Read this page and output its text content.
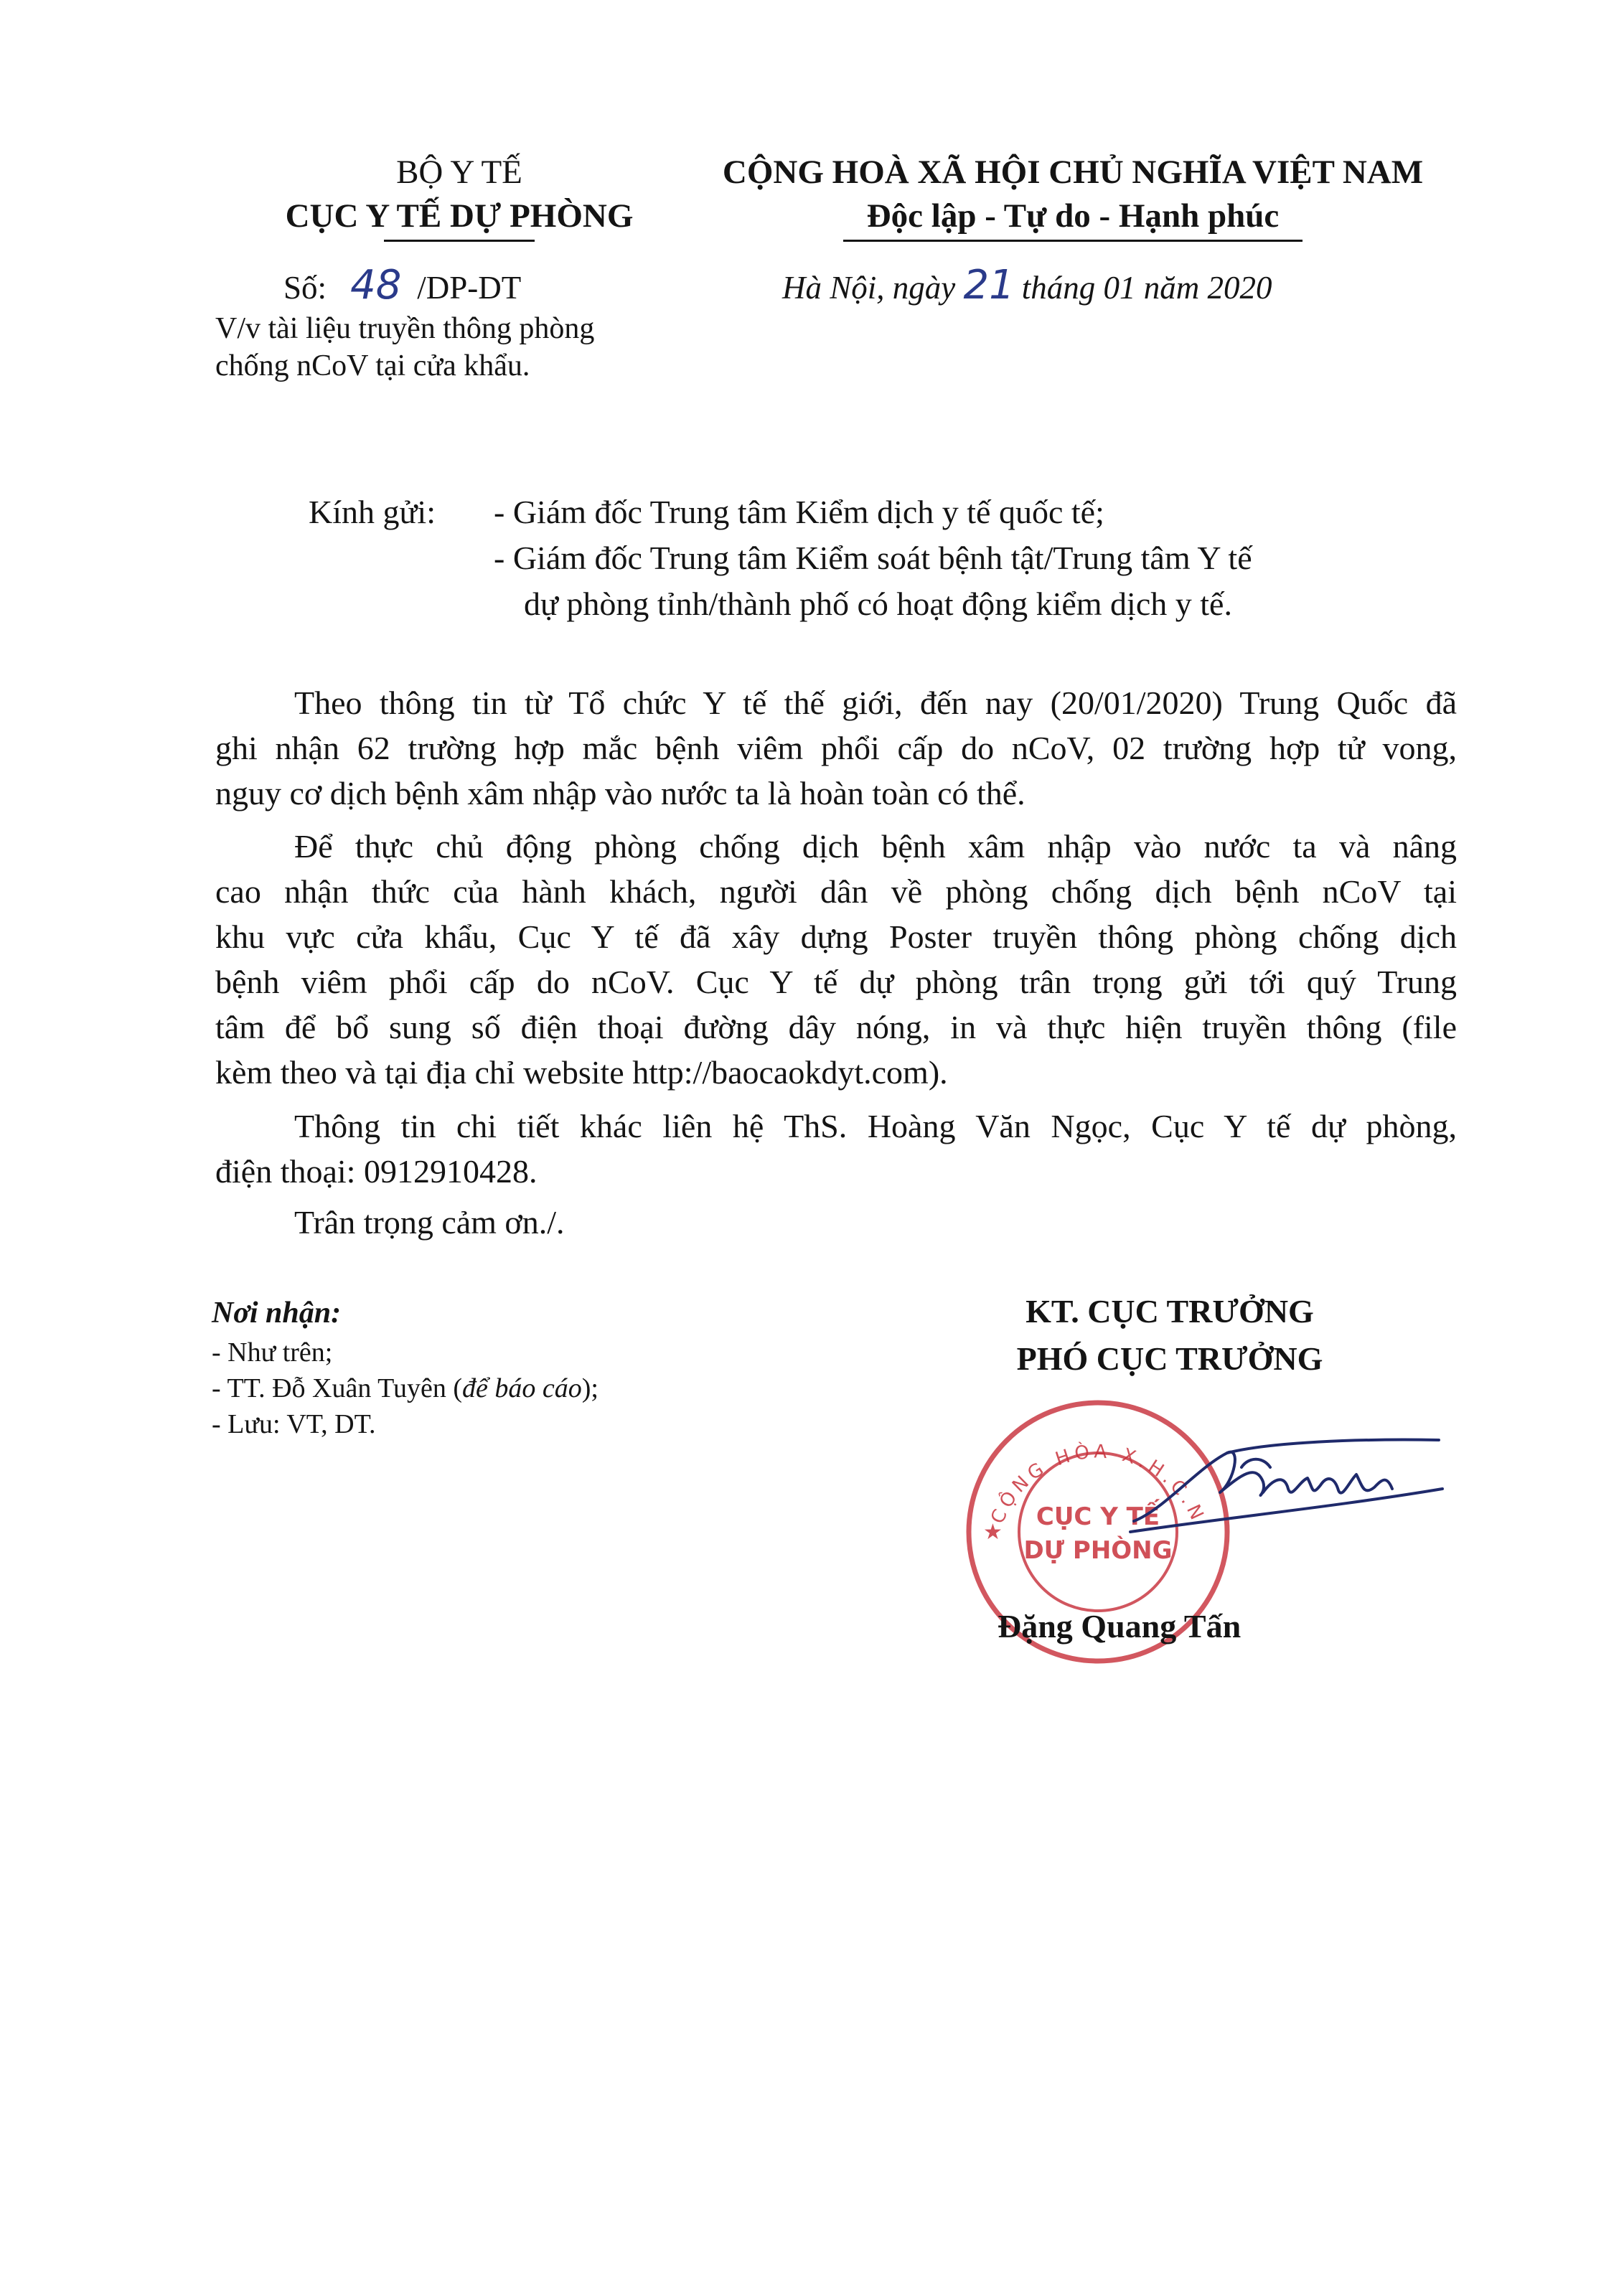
BỘ Y TẾ
CỤC Y TẾ DỰ PHÒNG
CỘNG HOÀ XÃ HỘI CHỦ NGHĨA VIỆT NAM
Độc lập - Tự do - Hạnh phúc
Số: 48 /DP-DT	Hà Nội, ngày 21 tháng 01 năm 2020
V/v tài liệu truyền thông phòng
chống nCoV tại cửa khẩu.
Kính gửi: - Giám đốc Trung tâm Kiểm dịch y tế quốc tế;
- Giám đốc Trung tâm Kiểm soát bệnh tật/Trung tâm Y tế
dự phòng tỉnh/thành phố có hoạt động kiểm dịch y tế.
Theo thông tin từ Tổ chức Y tế thế giới, đến nay (20/01/2020) Trung Quốc đã
ghi nhận 62 trường hợp mắc bệnh viêm phổi cấp do nCoV, 02 trường hợp tử vong,
nguy cơ dịch bệnh xâm nhập vào nước ta là hoàn toàn có thể.
Để thực chủ động phòng chống dịch bệnh xâm nhập vào nước ta và nâng
cao nhận thức của hành khách, người dân về phòng chống dịch bệnh nCoV tại
khu vực cửa khẩu, Cục Y tế đã xây dựng Poster truyền thông phòng chống dịch
bệnh viêm phổi cấp do nCoV. Cục Y tế dự phòng trân trọng gửi tới quý Trung
tâm để bổ sung số điện thoại đường dây nóng, in và thực hiện truyền thông (file
kèm theo và tại địa chỉ website http://baocaokdyt.com).
Thông tin chi tiết khác liên hệ ThS. Hoàng Văn Ngọc, Cục Y tế dự phòng,
điện thoại: 0912910428.
Trân trọng cảm ơn./.
Nơi nhận:
- Như trên;
- TT. Đỗ Xuân Tuyên (để báo cáo);
- Lưu: VT, DT.
KT. CỤC TRƯỞNG
PHÓ CỤC TRƯỞNG
CỘNG HÒA X.H.C.N
CỤC Y TẾ
DỰ PHÒNG
★
Đặng Quang Tấn
